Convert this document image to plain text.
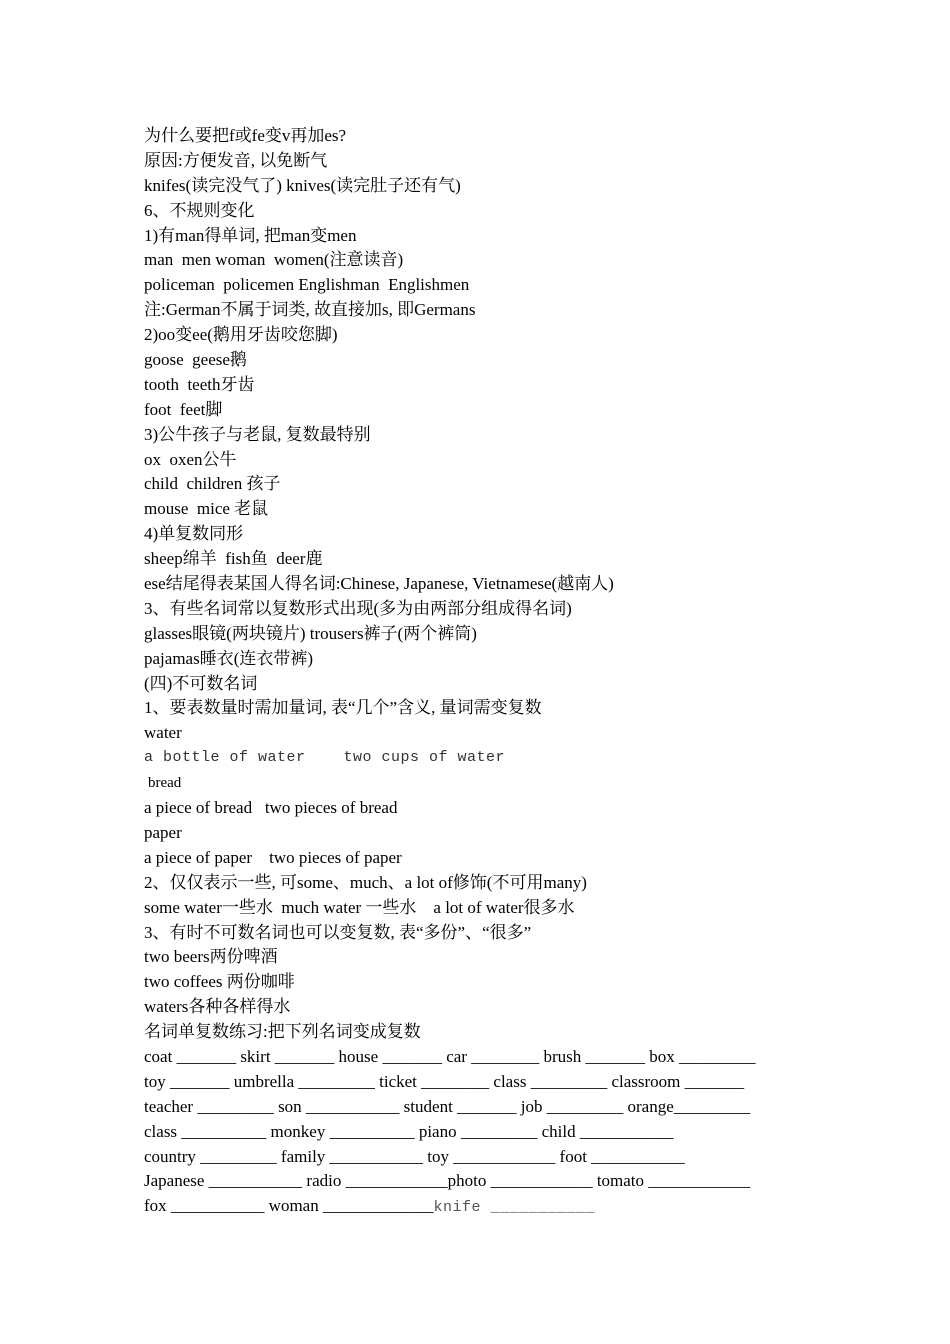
为什么要把f或fe变v再加es?
原因:方便发音, 以免断气
knifes(读完没气了) knives(读完肚子还有气)
6、不规则变化
1)有man得单词, 把man变men
man  men woman  women(注意读音)
policeman  policemen Englishman  Englishmen
注:German不属于词类, 故直接加s, 即Germans
2)oo变ee(鹅用牙齿咬您脚)
goose  geese鹅
tooth  teeth牙齿
foot  feet脚
3)公牛孩子与老鼠, 复数最特别
ox  oxen公牛
child  children 孩子
mouse  mice 老鼠
4)单复数同形
sheep绵羊  fish鱼  deer鹿
ese结尾得表某国人得名词:Chinese, Japanese, Vietnamese(越南人)
3、有些名词常以复数形式出现(多为由两部分组成得名词)
glasses眼镜(两块镜片) trousers裤子(两个裤筒)
pajamas睡衣(连衣带裤)
(四)不可数名词
1、要表数量时需加量词, 表“几个”含义, 量词需变复数
water
a bottle of water    two cups of water
bread
a piece of bread   two pieces of bread
paper
a piece of paper    two pieces of paper
2、仅仅表示一些, 可some、much、a lot of修饰(不可用many)
some water一些水  much water 一些水    a lot of water很多水
3、有时不可数名词也可以变复数, 表“多份”、“很多”
two beers两份啤酒
two coffees 两份咖啡
waters各种各样得水
名词单复数练习:把下列名词变成复数
coat _______ skirt _______ house _______ car ________ brush _______ box _________
toy _______ umbrella _________ ticket ________ class _________ classroom _______
teacher _________ son ___________ student _______ job _________ orange_________
class __________ monkey __________ piano _________ child ___________
country _________ family ___________ toy ____________ foot ___________
Japanese ___________ radio ____________photo ____________ tomato ____________
fox ___________ woman _____________knife ___________
